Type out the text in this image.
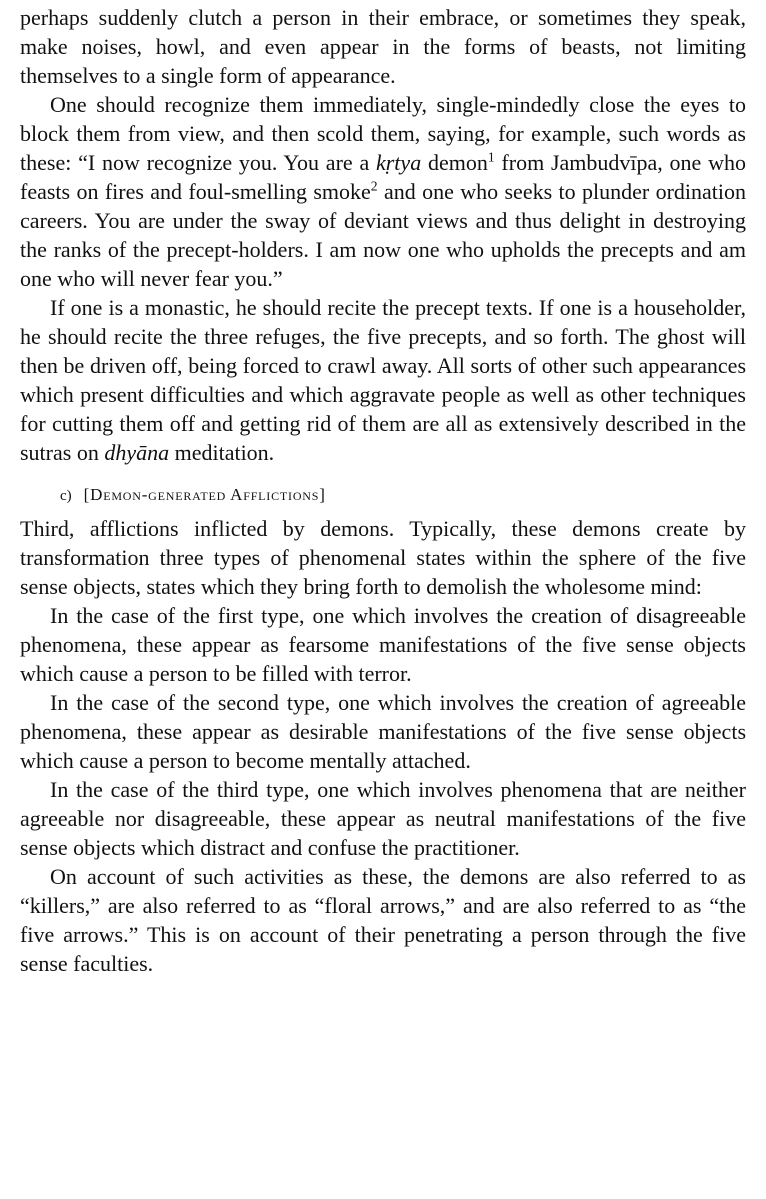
perhaps suddenly clutch a person in their embrace, or sometimes they speak, make noises, howl, and even appear in the forms of beasts, not limiting themselves to a single form of appearance.

One should recognize them immediately, single-mindedly close the eyes to block them from view, and then scold them, saying, for example, such words as these: “I now recognize you. You are a kṛtya demon$^1$ from Jambudvīpa, one who feasts on fires and foul-smelling smoke$^2$ and one who seeks to plunder ordination careers. You are under the sway of deviant views and thus delight in destroying the ranks of the precept-holders. I am now one who upholds the precepts and am one who will never fear you.”

If one is a monastic, he should recite the precept texts. If one is a householder, he should recite the three refuges, the five precepts, and so forth. The ghost will then be driven off, being forced to crawl away. All sorts of other such appearances which present difficulties and which aggravate people as well as other techniques for cutting them off and getting rid of them are all as extensively described in the sutras on dhyāna meditation.

c) [Demon-generated Afflictions]

Third, afflictions inflicted by demons. Typically, these demons create by transformation three types of phenomenal states within the sphere of the five sense objects, states which they bring forth to demolish the wholesome mind:

In the case of the first type, one which involves the creation of disagreeable phenomena, these appear as fearsome manifestations of the five sense objects which cause a person to be filled with terror.

In the case of the second type, one which involves the creation of agreeable phenomena, these appear as desirable manifestations of the five sense objects which cause a person to become mentally attached.

In the case of the third type, one which involves phenomena that are neither agreeable nor disagreeable, these appear as neutral manifestations of the five sense objects which distract and confuse the practitioner.

On account of such activities as these, the demons are also referred to as “killers,” are also referred to as “floral arrows,” and are also referred to as “the five arrows.” This is on account of their penetrating a person through the five sense faculties.
